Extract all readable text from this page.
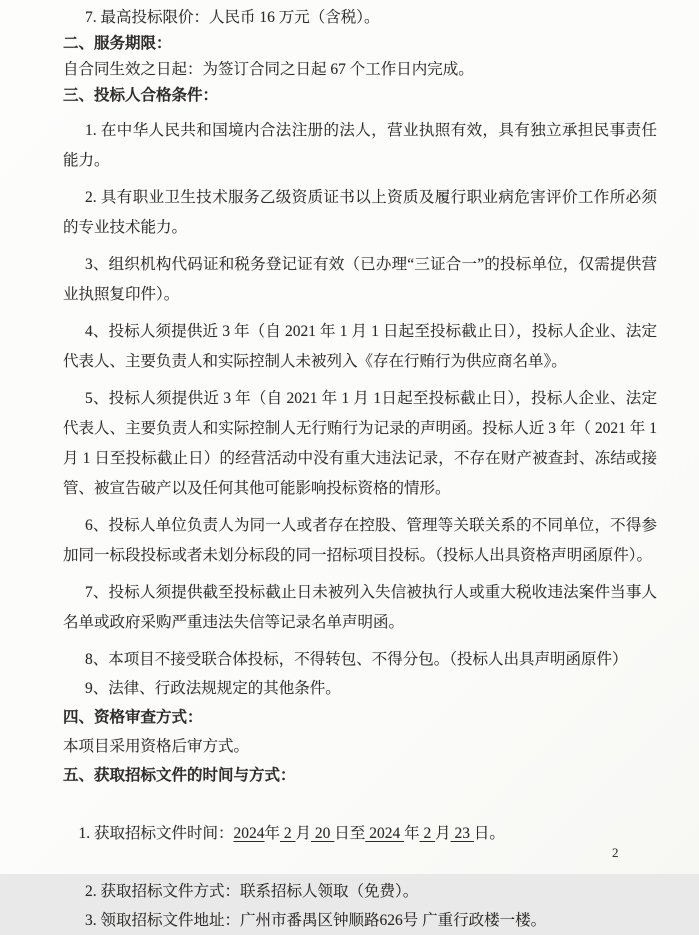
7. 最高投标限价：人民币 16 万元（含税）。

二、服务期限：

自合同生效之日起：为签订合同之日起 67 个工作日内完成。

三、投标人合格条件：

1. 在中华人民共和国境内合法注册的法人，营业执照有效，具有独立承担民事责任能力。

2. 具有职业卫生技术服务乙级资质证书以上资质及履行职业病危害评价工作所必须的专业技术能力。

3、组织机构代码证和税务登记证有效（已办理“三证合一”的投标单位，仅需提供营业执照复印件）。

4、投标人须提供近 3 年（自 2021 年 1 月 1 日起至投标截止日），投标人企业、法定代表人、主要负责人和实际控制人未被列入《存在行贿行为供应商名单》。

5、投标人须提供近 3 年（自 2021 年 1 月 1日起至投标截止日），投标人企业、法定代表人、主要负责人和实际控制人无行贿行为记录的声明函。投标人近 3 年（ 2021 年 1 月 1 日至投标截止日）的经营活动中没有重大违法记录，不存在财产被查封、冻结或接管、被宣告破产以及任何其他可能影响投标资格的情形。

6、投标人单位负责人为同一人或者存在控股、管理等关联关系的不同单位，不得参加同一标段投标或者未划分标段的同一招标项目投标。（投标人出具资格声明函原件）。

7、投标人须提供截至投标截止日未被列入失信被执行人或重大税收违法案件当事人名单或政府采购严重违法失信等记录名单声明函。

8、本项目不接受联合体投标，不得转包、不得分包。（投标人出具声明函原件）

9、法律、行政法规规定的其他条件。

四、资格审查方式：

本项目采用资格后审方式。

五、获取招标文件的时间与方式：

1. 获取招标文件时间：2024年 2 月 20 日至 2024 年 2 月 23 日。

2. 获取招标文件方式：联系招标人领取（免费）。

3. 领取招标文件地址：广州市番禺区钟顺路626号 广重行政楼一楼。

2
